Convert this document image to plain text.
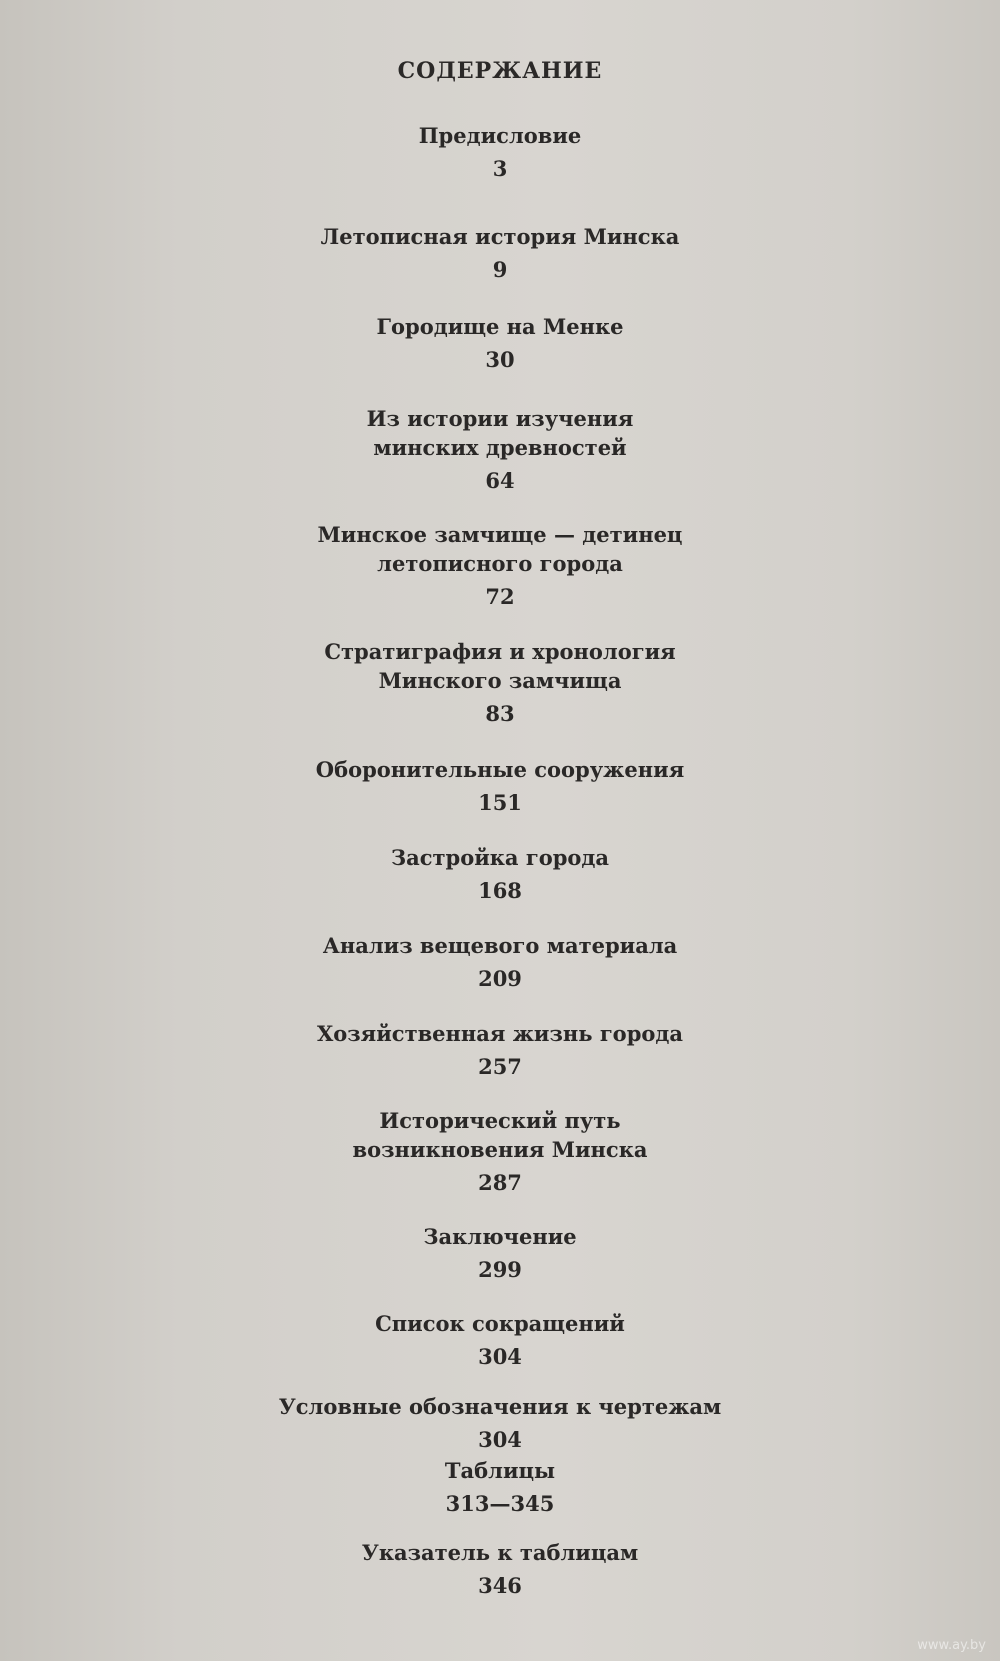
СОДЕРЖАНИЕ
Предисловие
3
Летописная история Минска
9
Городище на Менке
30
Из истории изучения
минских древностей
64
Минское замчище — детинец
летописного города
72
Стратиграфия и хронология
Минского замчища
83
Оборонительные сооружения
151
Застройка города
168
Анализ вещевого материала
209
Хозяйственная жизнь города
257
Исторический путь
возникновения Минска
287
Заключение
299
Список сокращений
304
Условные обозначения к чертежам
304
Таблицы
313—345
Указатель к таблицам
346
www.ay.by
